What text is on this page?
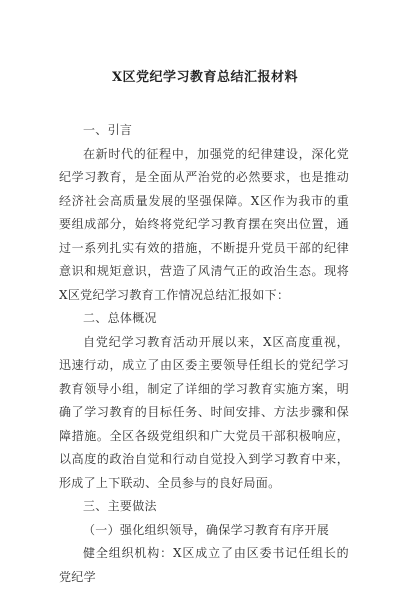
X区党纪学习教育总结汇报材料
一、引言
在新时代的征程中，加强党的纪律建设，深化党纪学习教育，是全面从严治党的必然要求，也是推动经济社会高质量发展的坚强保障。X区作为我市的重要组成部分，始终将党纪学习教育摆在突出位置，通过一系列扎实有效的措施，不断提升党员干部的纪律意识和规矩意识，营造了风清气正的政治生态。现将X区党纪学习教育工作情况总结汇报如下：
二、总体概况
自党纪学习教育活动开展以来，X区高度重视，迅速行动，成立了由区委主要领导任组长的党纪学习教育领导小组，制定了详细的学习教育实施方案，明确了学习教育的目标任务、时间安排、方法步骤和保障措施。全区各级党组织和广大党员干部积极响应，以高度的政治自觉和行动自觉投入到学习教育中来，形成了上下联动、全员参与的良好局面。
三、主要做法
（一）强化组织领导，确保学习教育有序开展
健全组织机构：X区成立了由区委书记任组长的党纪学
